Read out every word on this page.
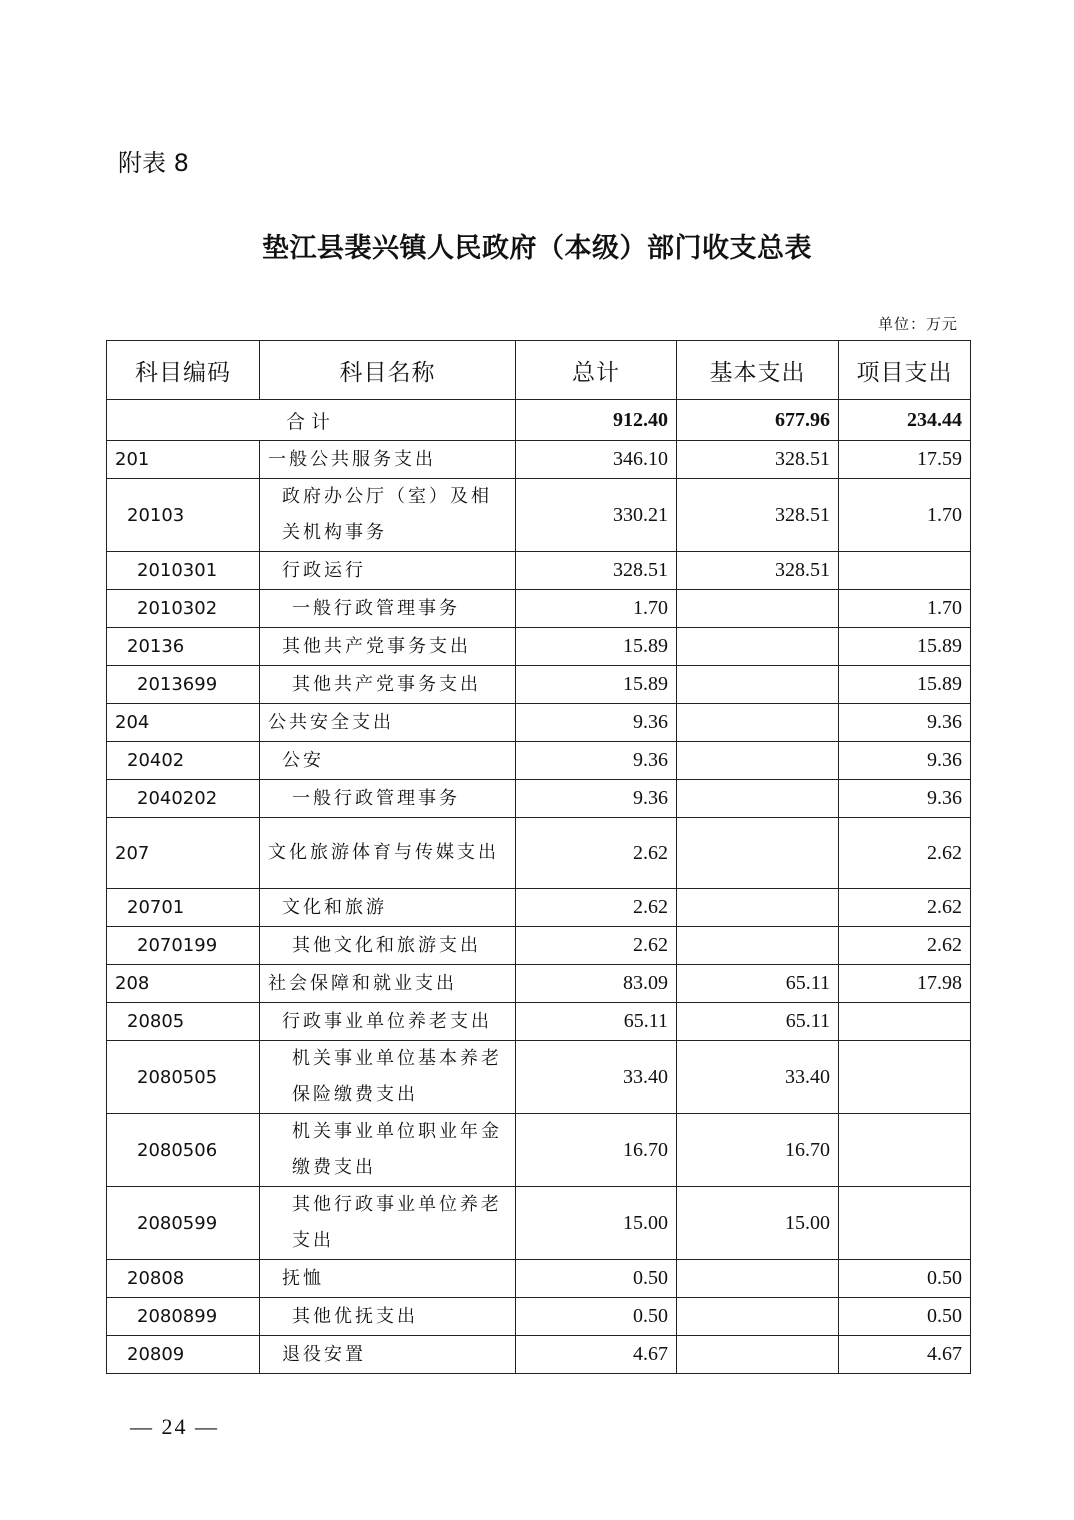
附表 8
垫江县裴兴镇人民政府（本级）部门收支总表
单位：万元
科目编码	科目名称	总计	基本支出	项目支出
合计		912.40	677.96	234.44
201	一般公共服务支出	346.10	328.51	17.59
20103	政府办公厅（室）及相关机构事务	330.21	328.51	1.70
2010301	行政运行	328.51	328.51	
2010302	一般行政管理事务	1.70		1.70
20136	其他共产党事务支出	15.89		15.89
2013699	其他共产党事务支出	15.89		15.89
204	公共安全支出	9.36		9.36
20402	公安	9.36		9.36
2040202	一般行政管理事务	9.36		9.36
207	文化旅游体育与传媒支出	2.62		2.62
20701	文化和旅游	2.62		2.62
2070199	其他文化和旅游支出	2.62		2.62
208	社会保障和就业支出	83.09	65.11	17.98
20805	行政事业单位养老支出	65.11	65.11	
2080505	机关事业单位基本养老保险缴费支出	33.40	33.40	
2080506	机关事业单位职业年金缴费支出	16.70	16.70	
2080599	其他行政事业单位养老支出	15.00	15.00	
20808	抚恤	0.50		0.50
2080899	其他优抚支出	0.50		0.50
20809	退役安置	4.67		4.67
— 24 —
